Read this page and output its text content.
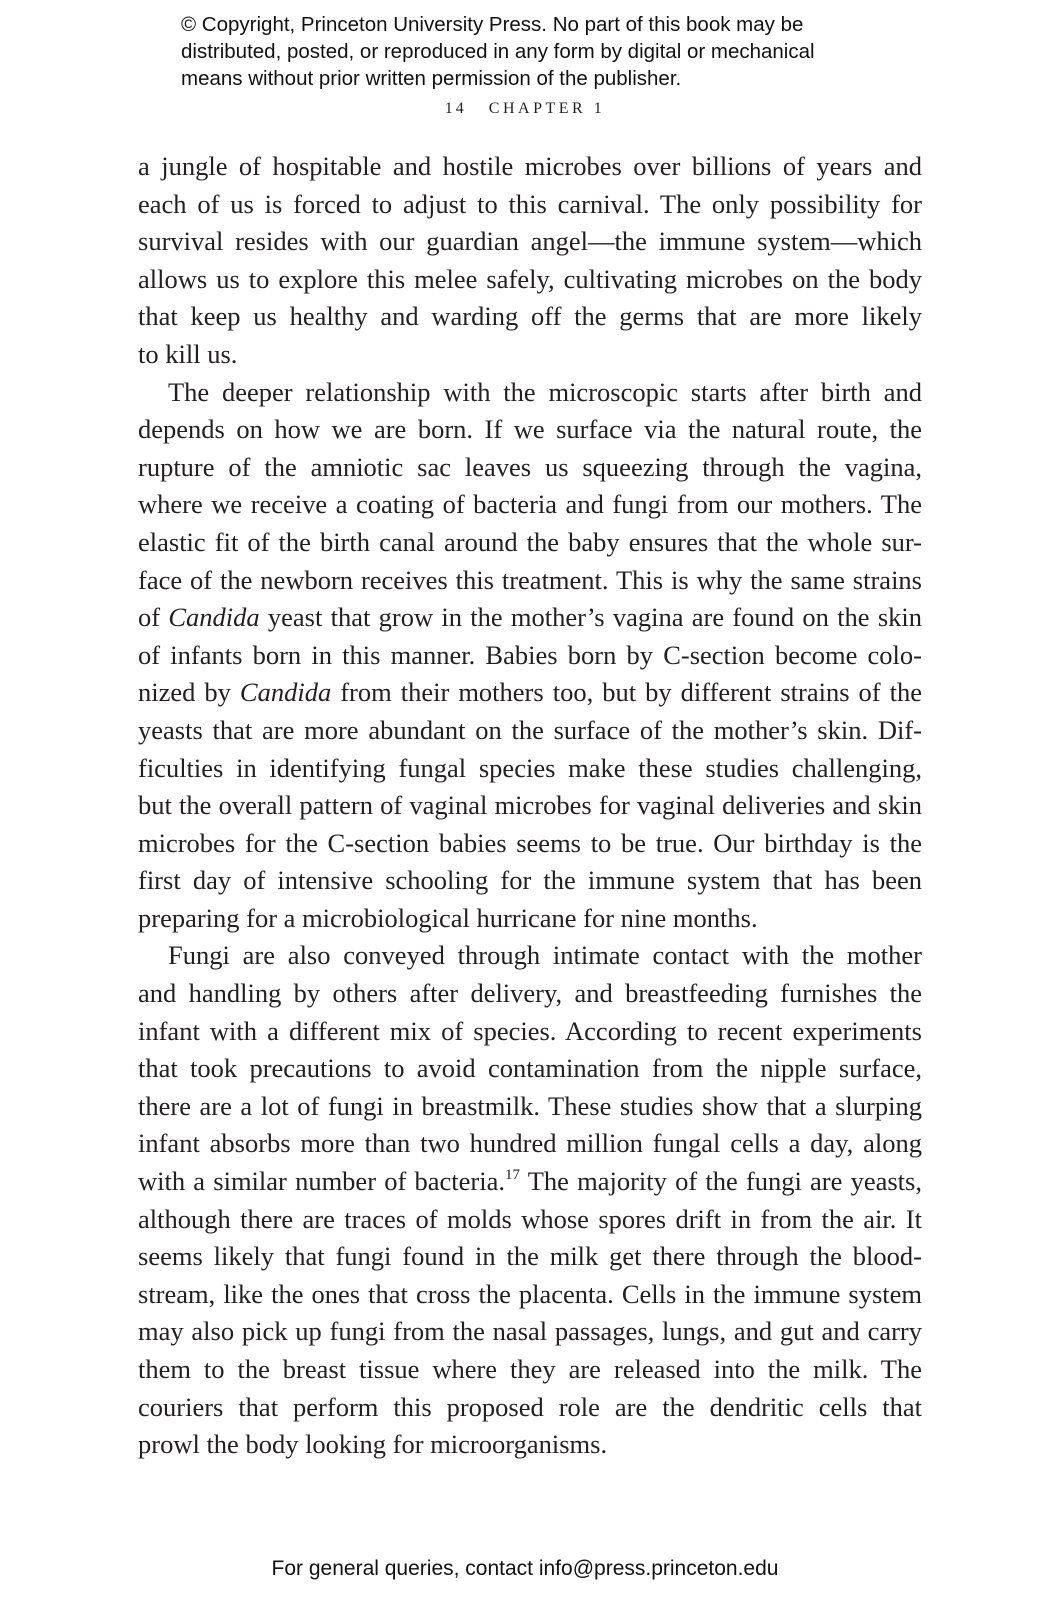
© Copyright, Princeton University Press. No part of this book may be
distributed, posted, or reproduced in any form by digital or mechanical
means without prior written permission of the publisher.
14 CHAPTER 1
a jungle of hospitable and hostile microbes over billions of years and
each of us is forced to adjust to this carnival. The only possibility for
survival resides with our guardian angel—the immune system—which
allows us to explore this melee safely, cultivating microbes on the body
that keep us healthy and warding off the germs that are more likely
to kill us.
The deeper relationship with the microscopic starts after birth and
depends on how we are born. If we surface via the natural route, the
rupture of the amniotic sac leaves us squeezing through the vagina,
where we receive a coating of bacteria and fungi from our mothers. The
elastic fit of the birth canal around the baby ensures that the whole sur-
face of the newborn receives this treatment. This is why the same strains
of Candida yeast that grow in the mother’s vagina are found on the skin
of infants born in this manner. Babies born by C-section become colo-
nized by Candida from their mothers too, but by different strains of the
yeasts that are more abundant on the surface of the mother’s skin. Dif-
ficulties in identifying fungal species make these studies challenging,
but the overall pattern of vaginal microbes for vaginal deliveries and skin
microbes for the C-section babies seems to be true. Our birthday is the
first day of intensive schooling for the immune system that has been
preparing for a microbiological hurricane for nine months.
Fungi are also conveyed through intimate contact with the mother
and handling by others after delivery, and breastfeeding furnishes the
infant with a different mix of species. According to recent experiments
that took precautions to avoid contamination from the nipple surface,
there are a lot of fungi in breastmilk. These studies show that a slurping
infant absorbs more than two hundred million fungal cells a day, along
with a similar number of bacteria.$^{17}$ The majority of the fungi are yeasts,
although there are traces of molds whose spores drift in from the air. It
seems likely that fungi found in the milk get there through the blood-
stream, like the ones that cross the placenta. Cells in the immune system
may also pick up fungi from the nasal passages, lungs, and gut and carry
them to the breast tissue where they are released into the milk. The
couriers that perform this proposed role are the dendritic cells that
prowl the body looking for microorganisms.
For general queries, contact info@press.princeton.edu
